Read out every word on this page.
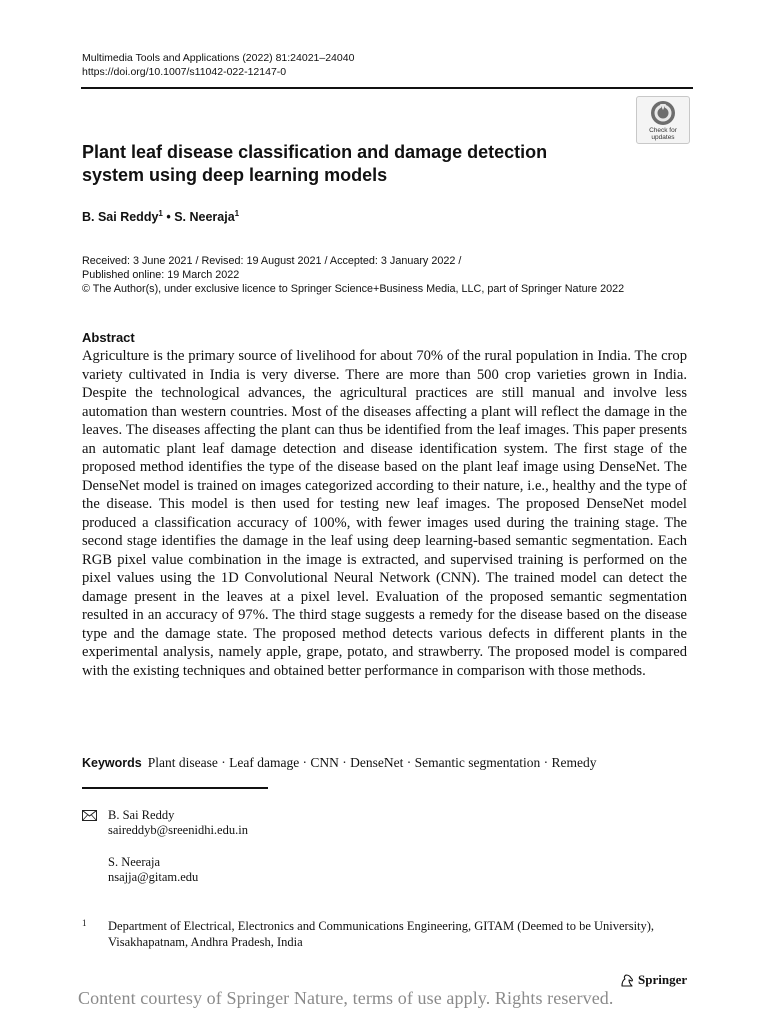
Multimedia Tools and Applications (2022) 81:24021–24040
https://doi.org/10.1007/s11042-022-12147-0
Check for
updates
Plant leaf disease classification and damage detection system using deep learning models
B. Sai Reddy$^1$ • S. Neeraja$^1$
Received: 3 June 2021 / Revised: 19 August 2021 / Accepted: 3 January 2022 /
Published online: 19 March 2022
© The Author(s), under exclusive licence to Springer Science+Business Media, LLC, part of Springer Nature 2022
Abstract

Agriculture is the primary source of livelihood for about 70% of the rural population in India. The crop variety cultivated in India is very diverse. There are more than 500 crop varieties grown in India. Despite the technological advances, the agricultural practices are still manual and involve less automation than western countries. Most of the diseases affecting a plant will reflect the damage in the leaves. The diseases affecting the plant can thus be identified from the leaf images. This paper presents an automatic plant leaf damage detection and disease identification system. The first stage of the proposed method identifies the type of the disease based on the plant leaf image using DenseNet. The DenseNet model is trained on images categorized according to their nature, i.e., healthy and the type of the disease. This model is then used for testing new leaf images. The proposed DenseNet model produced a classification accuracy of 100%, with fewer images used during the training stage. The second stage identifies the damage in the leaf using deep learning-based semantic segmentation. Each RGB pixel value combination in the image is extracted, and supervised training is performed on the pixel values using the 1D Convolutional Neural Network (CNN). The trained model can detect the damage present in the leaves at a pixel level. Evaluation of the proposed semantic segmentation resulted in an accuracy of 97%. The third stage suggests a remedy for the disease based on the disease type and the damage state. The proposed method detects various defects in different plants in the experimental analysis, namely apple, grape, potato, and strawberry. The proposed model is compared with the existing techniques and obtained better performance in comparison with those methods.

Keywords Plant disease · Leaf damage · CNN · DenseNet · Semantic segmentation · Remedy
B. Sai Reddy
saireddyb@sreenidhi.edu.in
S. Neeraja
nsajja@gitam.edu
1 Department of Electrical, Electronics and Communications Engineering, GITAM (Deemed to be University), Visakhapatnam, Andhra Pradesh, India
Springer
Content courtesy of Springer Nature, terms of use apply. Rights reserved.
